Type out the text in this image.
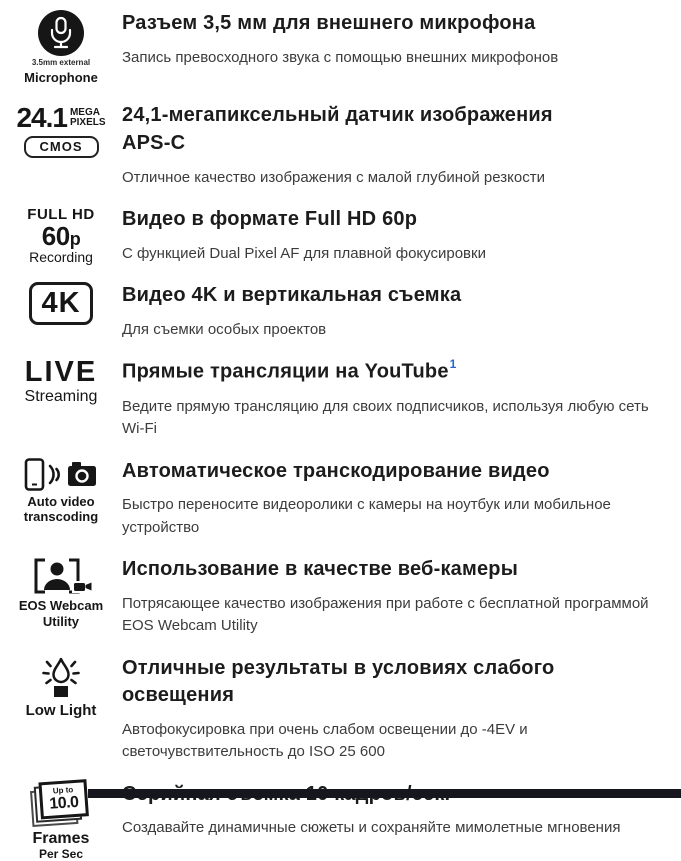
3.5mm external
Microphone
Разъем 3,5 мм для внешнего микрофона

Запись превосходного звука с помощью внешних микрофонов

24.1 MEGA
PIXELS
CMOS
24,1-мегапиксельный датчик изображения APS-C

Отличное качество изображения с малой глубиной резкости

FULL HD
60p
Recording
Видео в формате Full HD 60p

С функцией Dual Pixel AF для плавной фокусировки

4K	Видео 4K и вертикальная съемка

Для съемки особых проектов

LIVE
Streaming
Прямые трансляции на YouTube$^1$

Ведите прямую трансляцию для своих подписчиков, используя любую сеть Wi-Fi

Auto video
transcoding
Автоматическое транскодирование видео

Быстро переносите видеоролики с камеры на ноутбук или мобильное устройство

EOS Webcam
Utility
Использование в качестве веб-камеры

Потрясающее качество изображения при работе с бесплатной программой EOS Webcam Utility

Low Light
Отличные результаты в условиях слабого освещения

Автофокусировка при очень слабом освещении до -4EV и светочувствительность до ISO 25 600

Up to
10.0
Frames
Per Sec

Создавайте динамичные сюжеты и сохраняйте мимолетные мгновения
